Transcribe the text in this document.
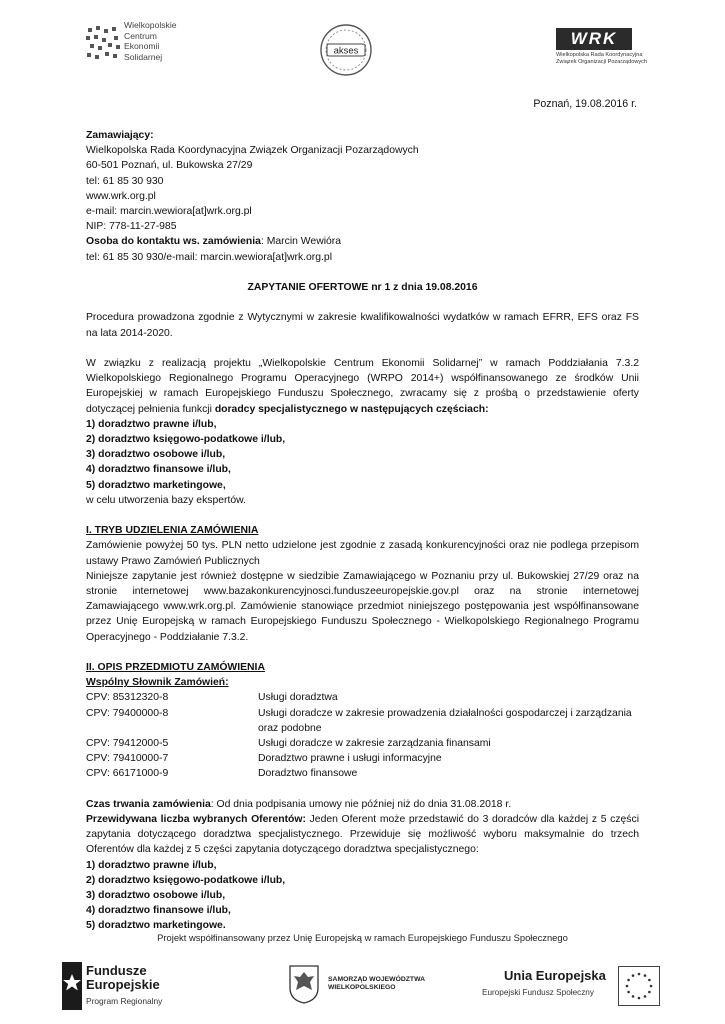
Wielkopolskie
Centrum
Ekonomii
Solidarnej	akses
WRK
Wielkopolska Rada Koordynacyjna
Związek Organizacji Pozarządowych
Poznań, 19.08.2016 r.

Zamawiający:

Wielkopolska Rada Koordynacyjna Związek Organizacji Pozarządowych

60-501 Poznań, ul. Bukowska 27/29

tel: 61 85 30 930

www.wrk.org.pl

e-mail: marcin.wewiora[at]wrk.org.pl

NIP: 778-11-27-985

Osoba do kontaktu ws. zamówienia: Marcin Wewióra

tel: 61 85 30 930/e-mail: marcin.wewiora[at]wrk.org.pl

ZAPYTANIE OFERTOWE nr 1 z dnia 19.08.2016

Procedura prowadzona zgodnie z Wytycznymi w zakresie kwalifikowalności wydatków w ramach EFRR, EFS oraz FS na lata 2014-2020.

W związku z realizacją projektu „Wielkopolskie Centrum Ekonomii Solidarnej” w ramach Poddziałania 7.3.2 Wielkopolskiego Regionalnego Programu Operacyjnego (WRPO 2014+) współfinansowanego ze środków Unii Europejskiej w ramach Europejskiego Funduszu Społecznego, zwracamy się z prośbą o przedstawienie oferty dotyczącej pełnienia funkcji doradcy specjalistycznego w następujących częściach:

1) doradztwo prawne i/lub,

2) doradztwo księgowo-podatkowe i/lub,

3) doradztwo osobowe i/lub,

4) doradztwo finansowe i/lub,

5) doradztwo marketingowe,

w celu utworzenia bazy ekspertów.

I. TRYB UDZIELENIA ZAMÓWIENIA

Zamówienie powyżej 50 tys. PLN netto udzielone jest zgodnie z zasadą konkurencyjności oraz nie podlega przepisom ustawy Prawo Zamówień Publicznych

Niniejsze zapytanie jest również dostępne w siedzibie Zamawiającego w Poznaniu przy ul. Bukowskiej 27/29 oraz na stronie internetowej www.bazakonkurencyjnosci.funduszeeuropejskie.gov.pl oraz na stronie internetowej Zamawiającego www.wrk.org.pl. Zamówienie stanowiące przedmiot niniejszego postępowania jest współfinansowane przez Unię Europejską w ramach Europejskiego Funduszu Społecznego - Wielkopolskiego Regionalnego Programu Operacyjnego - Poddziałanie 7.3.2.

II. OPIS PRZEDMIOTU ZAMÓWIENIA

Wspólny Słownik Zamówień:

CPV: 85312320-8	Usługi doradztwa
CPV: 79400000-8	Usługi doradcze w zakresie prowadzenia działalności gospodarczej i zarządzania oraz podobne
CPV: 79412000-5	Usługi doradcze w zakresie zarządzania finansami
CPV: 79410000-7	Doradztwo prawne i usługi informacyjne
CPV: 66171000-9	Doradztwo finansowe

Czas trwania zamówienia: Od dnia podpisania umowy nie później niż do dnia 31.08.2018 r.

Przewidywana liczba wybranych Oferentów: Jeden Oferent może przedstawić do 3 doradców dla każdej z 5 części zapytania dotyczącego doradztwa specjalistycznego. Przewiduje się możliwość wyboru maksymalnie do trzech Oferentów dla każdej z 5 części zapytania dotyczącego doradztwa specjalistycznego:

1) doradztwo prawne i/lub,

2) doradztwo księgowo-podatkowe i/lub,

3) doradztwo osobowe i/lub,

4) doradztwo finansowe i/lub,

5) doradztwo marketingowe.

Projekt współfinansowany przez Unię Europejską w ramach Europejskiego Funduszu Społecznego
Fundusze
Europejskie
Program Regionalny
SAMORZĄD WOJEWÓDZTWA
WIELKOPOLSKIEGO
Unia Europejska
Europejski Fundusz Społeczny
